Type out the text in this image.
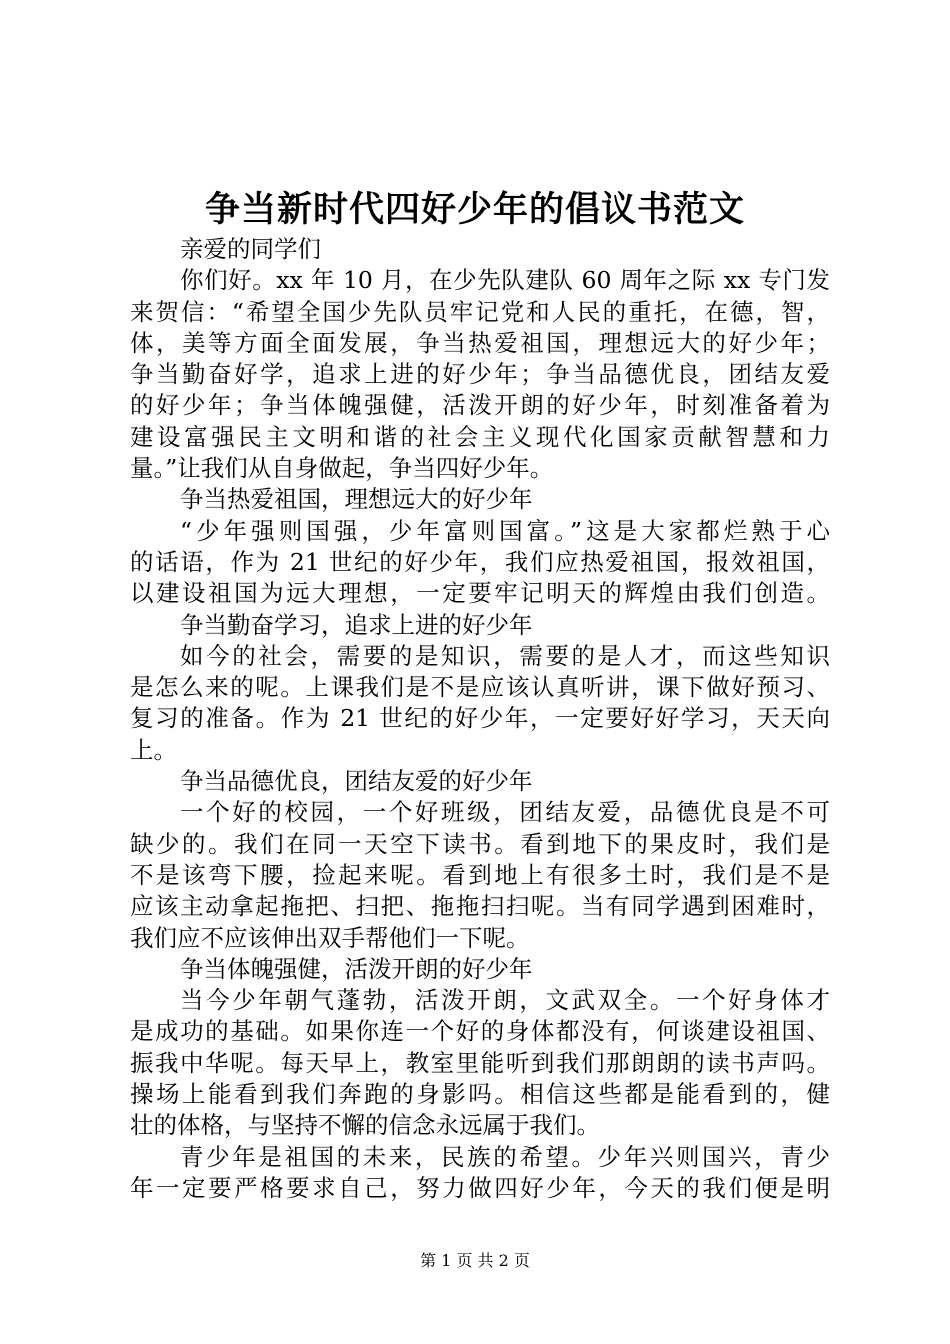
争当新时代四好少年的倡议书范文
亲爱的同学们
你们好。xx 年 10 月，在少先队建队 60 周年之际 xx 专门发
来贺信：“希望全国少先队员牢记党和人民的重托，在德，智，
体，美等方面全面发展，争当热爱祖国，理想远大的好少年；
争当勤奋好学，追求上进的好少年；争当品德优良，团结友爱
的好少年；争当体魄强健，活泼开朗的好少年，时刻准备着为
建设富强民主文明和谐的社会主义现代化国家贡献智慧和力
量。”让我们从自身做起，争当四好少年。
争当热爱祖国，理想远大的好少年
“少年强则国强，少年富则国富。”这是大家都烂熟于心
的话语，作为 21 世纪的好少年，我们应热爱祖国，报效祖国，
以建设祖国为远大理想，一定要牢记明天的辉煌由我们创造。
争当勤奋学习，追求上进的好少年
如今的社会，需要的是知识，需要的是人才，而这些知识
是怎么来的呢。上课我们是不是应该认真听讲，课下做好预习、
复习的准备。作为 21 世纪的好少年，一定要好好学习，天天向
上。
争当品德优良，团结友爱的好少年
一个好的校园，一个好班级，团结友爱，品德优良是不可
缺少的。我们在同一天空下读书。看到地下的果皮时，我们是
不是该弯下腰，捡起来呢。看到地上有很多土时，我们是不是
应该主动拿起拖把、扫把、拖拖扫扫呢。当有同学遇到困难时，
我们应不应该伸出双手帮他们一下呢。
争当体魄强健，活泼开朗的好少年
当今少年朝气蓬勃，活泼开朗，文武双全。一个好身体才
是成功的基础。如果你连一个好的身体都没有，何谈建设祖国、
振我中华呢。每天早上，教室里能听到我们那朗朗的读书声吗。
操场上能看到我们奔跑的身影吗。相信这些都是能看到的，健
壮的体格，与坚持不懈的信念永远属于我们。
青少年是祖国的未来，民族的希望。少年兴则国兴，青少
年一定要严格要求自己，努力做四好少年，今天的我们便是明
第 1 页 共 2 页
